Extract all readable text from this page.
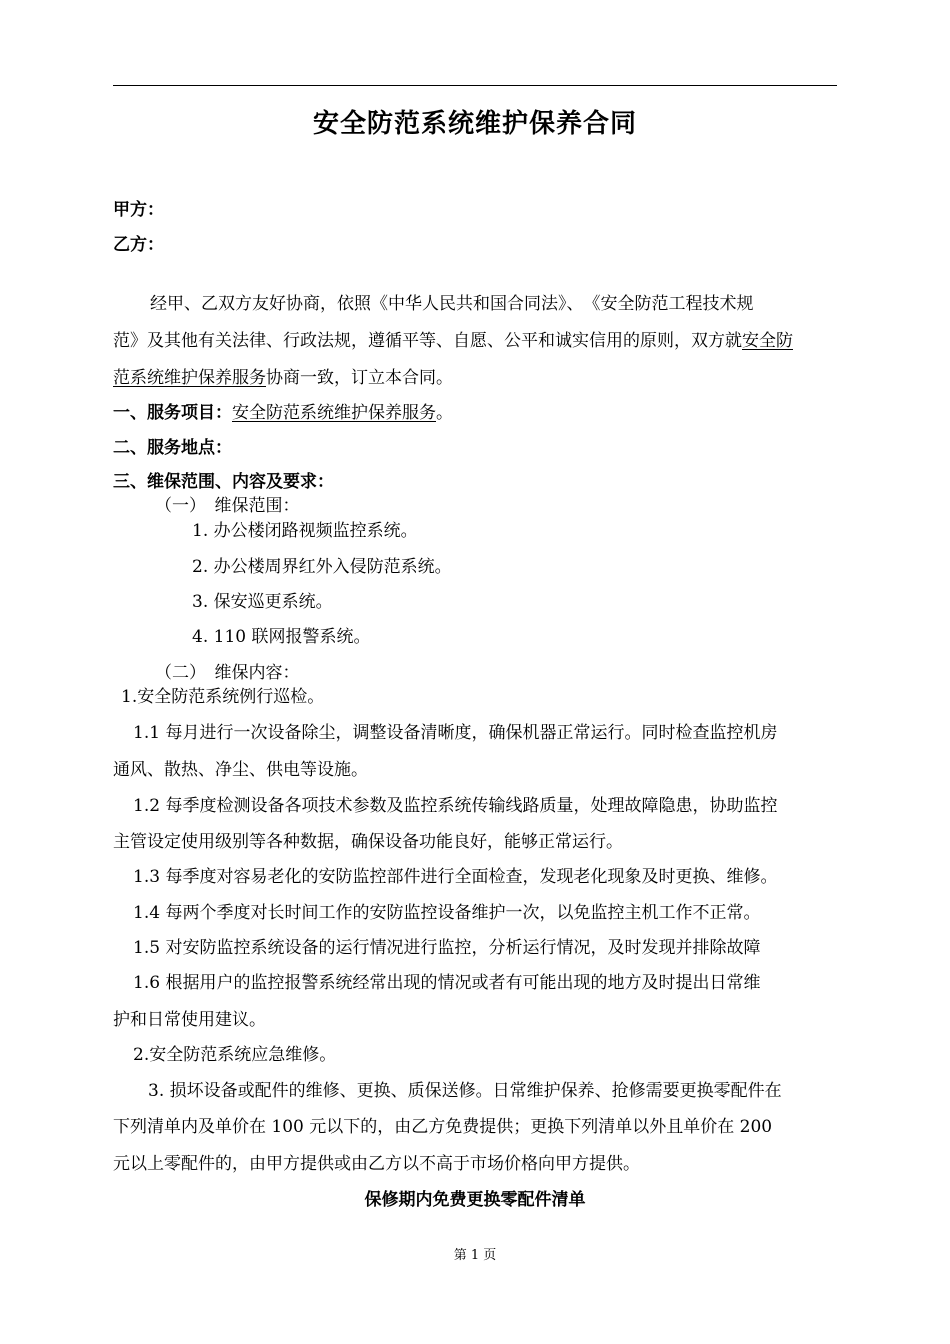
安全防范系统维护保养合同
甲方：
乙方：
经甲、乙双方友好协商，依照《中华人民共和国合同法》、　《安全防范工程技术规
范》及其他有关法律、行政法规，遵循平等、自愿、公平和诚实信用的原则，双方就安全防
范系统维护保养服务协商一致，订立本合同。
一、服务项目：安全防范系统维护保养服务。
二、服务地点：
三、维保范围、内容及要求：
（一）　维保范围：
1. 办公楼闭路视频监控系统。
2. 办公楼周界红外入侵防范系统。
3. 保安巡更系统。
4. 110 联网报警系统。
（二）　维保内容：
1.安全防范系统例行巡检。
1.1 每月进行一次设备除尘，调整设备清晰度，确保机器正常运行。同时检查监控机房
通风、散热、净尘、供电等设施。
1.2 每季度检测设备各项技术参数及监控系统传输线路质量，处理故障隐患，协助监控
主管设定使用级别等各种数据，确保设备功能良好，能够正常运行。
1.3 每季度对容易老化的安防监控部件进行全面检查，发现老化现象及时更换、维修。
1.4 每两个季度对长时间工作的安防监控设备维护一次，以免监控主机工作不正常。
1.5 对安防监控系统设备的运行情况进行监控，分析运行情况，及时发现并排除故障
1.6 根据用户的监控报警系统经常出现的情况或者有可能出现的地方及时提出日常维
护和日常使用建议。
2.安全防范系统应急维修。
3. 损坏设备或配件的维修、更换、质保送修。日常维护保养、抢修需要更换零配件在
下列清单内及单价在 100 元以下的，由乙方免费提供；更换下列清单以外且单价在 200
元以上零配件的，由甲方提供或由乙方以不高于市场价格向甲方提供。
保修期内免费更换零配件清单
第 1 页
